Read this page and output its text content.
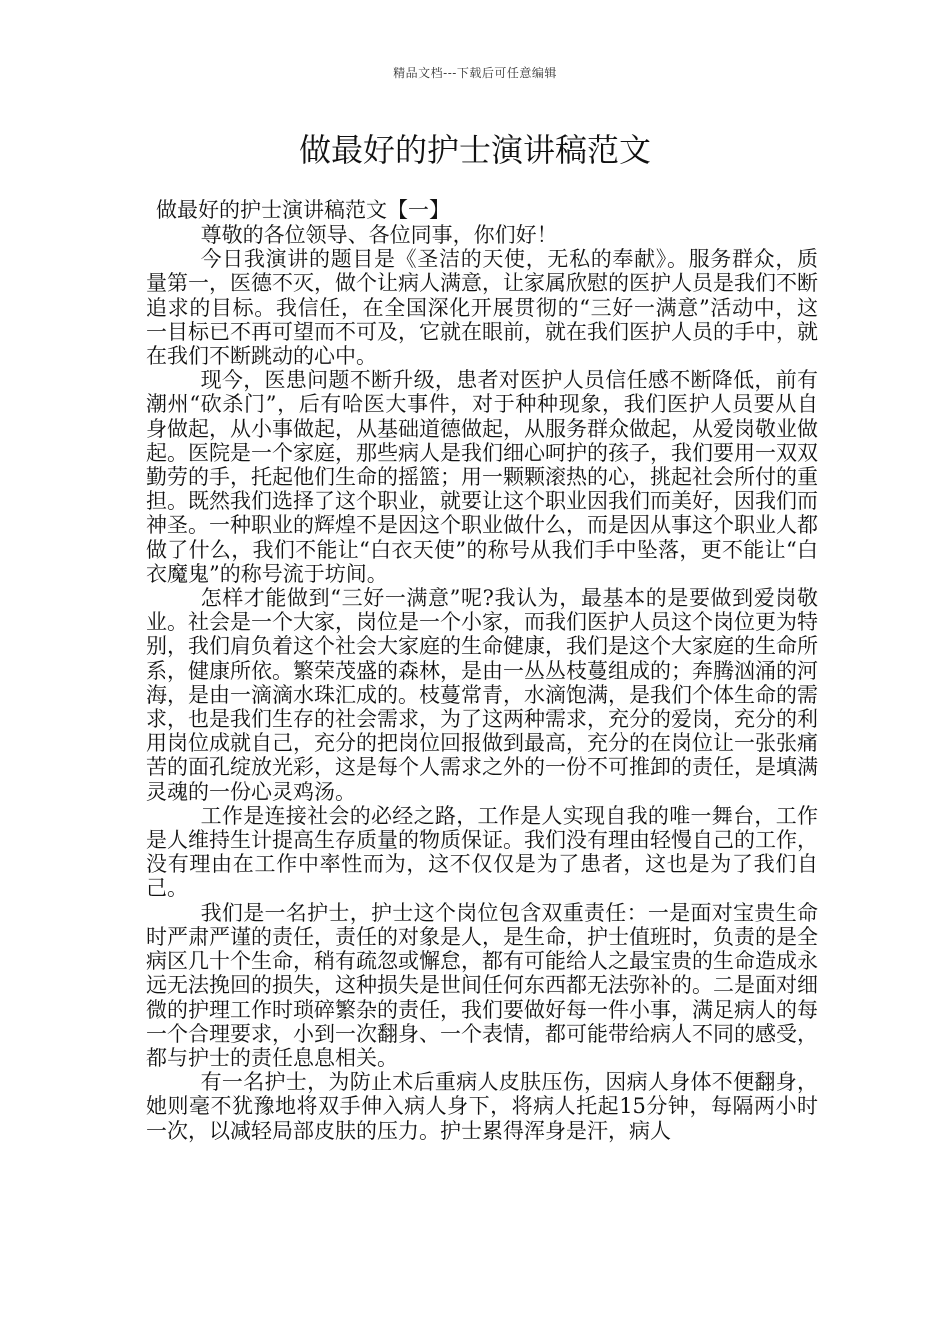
精品文档---下载后可任意编辑
做最好的护士演讲稿范文

做最好的护士演讲稿范文【一】

尊敬的各位领导、各位同事，你们好！

今日我演讲的题目是《圣洁的天使，无私的奉献》。服务群众，质量第一，医德不灭，做个让病人满意，让家属欣慰的医护人员是我们不断追求的目标。我信任，在全国深化开展贯彻的“三好一满意”活动中，这一目标已不再可望而不可及，它就在眼前，就在我们医护人员的手中，就在我们不断跳动的心中。

现今，医患问题不断升级，患者对医护人员信任感不断降低，前有潮州“砍杀门”，后有哈医大事件，对于种种现象，我们医护人员要从自身做起，从小事做起，从基础道德做起，从服务群众做起，从爱岗敬业做起。医院是一个家庭，那些病人是我们细心呵护的孩子，我们要用一双双勤劳的手，托起他们生命的摇篮；用一颗颗滚热的心，挑起社会所付的重担。既然我们选择了这个职业，就要让这个职业因我们而美好，因我们而神圣。一种职业的辉煌不是因这个职业做什么，而是因从事这个职业人都做了什么，我们不能让“白衣天使”的称号从我们手中坠落，更不能让“白衣魔鬼”的称号流于坊间。

怎样才能做到“三好一满意”呢?我认为，最基本的是要做到爱岗敬业。社会是一个大家，岗位是一个小家，而我们医护人员这个岗位更为特别，我们肩负着这个社会大家庭的生命健康，我们是这个大家庭的生命所系，健康所依。繁荣茂盛的森林，是由一丛丛枝蔓组成的；奔腾汹涌的河海，是由一滴滴水珠汇成的。枝蔓常青，水滴饱满，是我们个体生命的需求，也是我们生存的社会需求，为了这两种需求，充分的爱岗，充分的利用岗位成就自己，充分的把岗位回报做到最高，充分的在岗位让一张张痛苦的面孔绽放光彩，这是每个人需求之外的一份不可推卸的责任，是填满灵魂的一份心灵鸡汤。

工作是连接社会的必经之路，工作是人实现自我的唯一舞台，工作是人维持生计提高生存质量的物质保证。我们没有理由轻慢自己的工作，没有理由在工作中率性而为，这不仅仅是为了患者，这也是为了我们自己。

我们是一名护士，护士这个岗位包含双重责任：一是面对宝贵生命时严肃严谨的责任，责任的对象是人，是生命，护士值班时，负责的是全病区几十个生命，稍有疏忽或懈怠，都有可能给人之最宝贵的生命造成永远无法挽回的损失，这种损失是世间任何东西都无法弥补的。二是面对细微的护理工作时琐碎繁杂的责任，我们要做好每一件小事，满足病人的每一个合理要求，小到一次翻身、一个表情，都可能带给病人不同的感受，都与护士的责任息息相关。

有一名护士，为防止术后重病人皮肤压伤，因病人身体不便翻身，她则毫不犹豫地将双手伸入病人身下，将病人托起15分钟，每隔两小时一次，以减轻局部皮肤的压力。护士累得浑身是汗，病人
